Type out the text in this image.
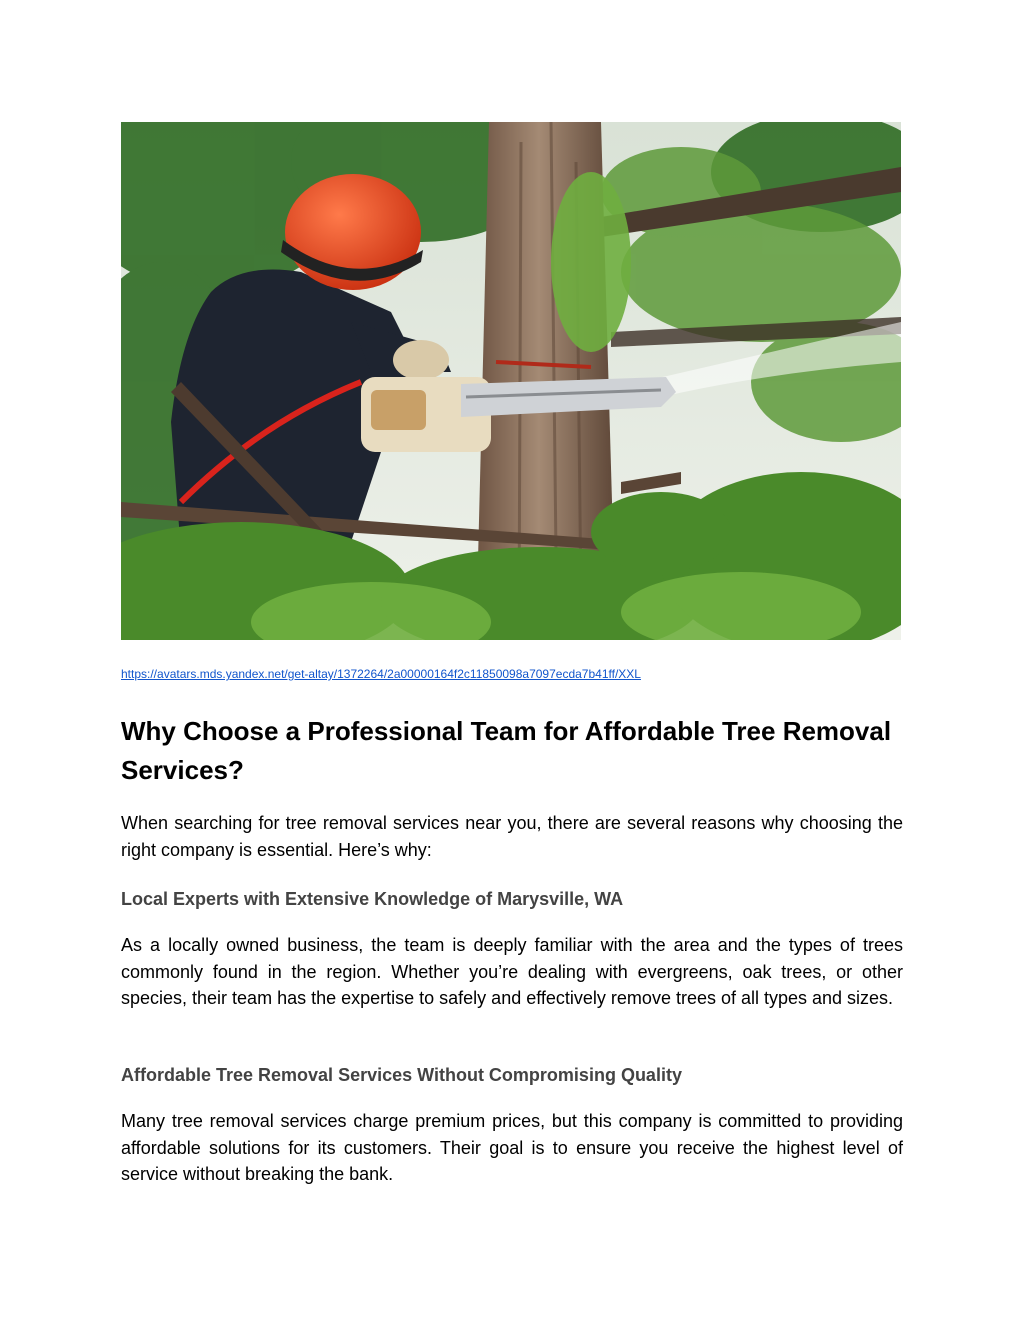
https://avatars.mds.yandex.net/get-altay/1372264/2a00000164f2c11850098a7097ecda7b41ff/XXL
Why Choose a Professional Team for Affordable Tree Removal Services?

When searching for tree removal services near you, there are several reasons why choosing the right company is essential. Here’s why:

Local Experts with Extensive Knowledge of Marysville, WA

As a locally owned business, the team is deeply familiar with the area and the types of trees commonly found in the region. Whether you’re dealing with evergreens, oak trees, or other species, their team has the expertise to safely and effectively remove trees of all types and sizes.

Affordable Tree Removal Services Without Compromising Quality

Many tree removal services charge premium prices, but this company is committed to providing affordable solutions for its customers. Their goal is to ensure you receive the highest level of service without breaking the bank.
